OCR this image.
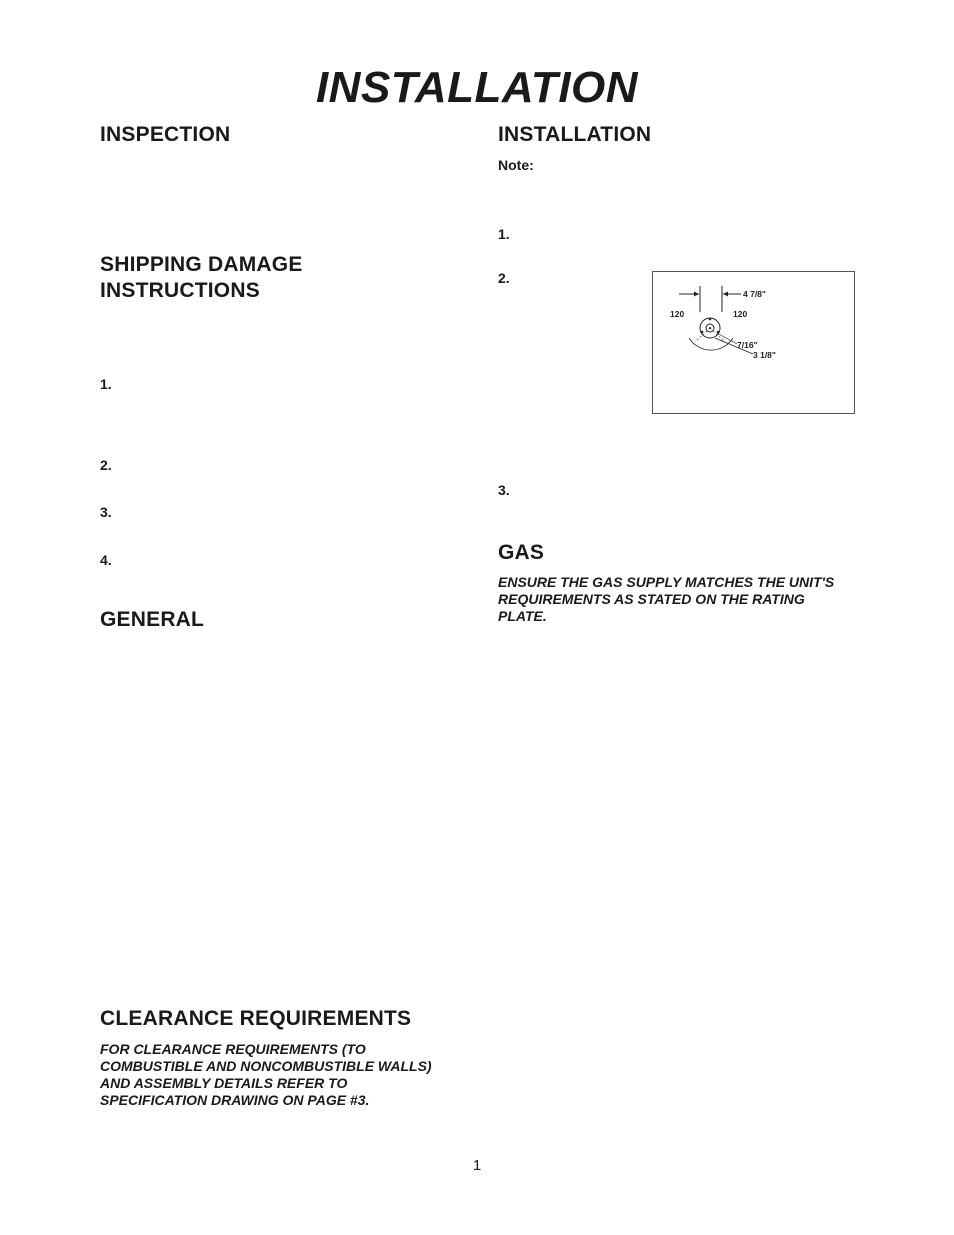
INSTALLATION
INSPECTION
SHIPPING DAMAGE
INSTRUCTIONS
1.
2.
3.
4.
GENERAL
CLEARANCE REQUIREMENTS
FOR CLEARANCE REQUIREMENTS (TO
COMBUSTIBLE AND NONCOMBUSTIBLE WALLS)
AND ASSEMBLY DETAILS REFER TO
SPECIFICATION DRAWING ON PAGE #3.
INSTALLATION
Note:
1.
2.
3.
4 7/8"
120	120
7/16"
3 1/8"
GAS
ENSURE THE GAS SUPPLY MATCHES THE UNIT'S
REQUIREMENTS AS STATED ON THE RATING
PLATE.
1
